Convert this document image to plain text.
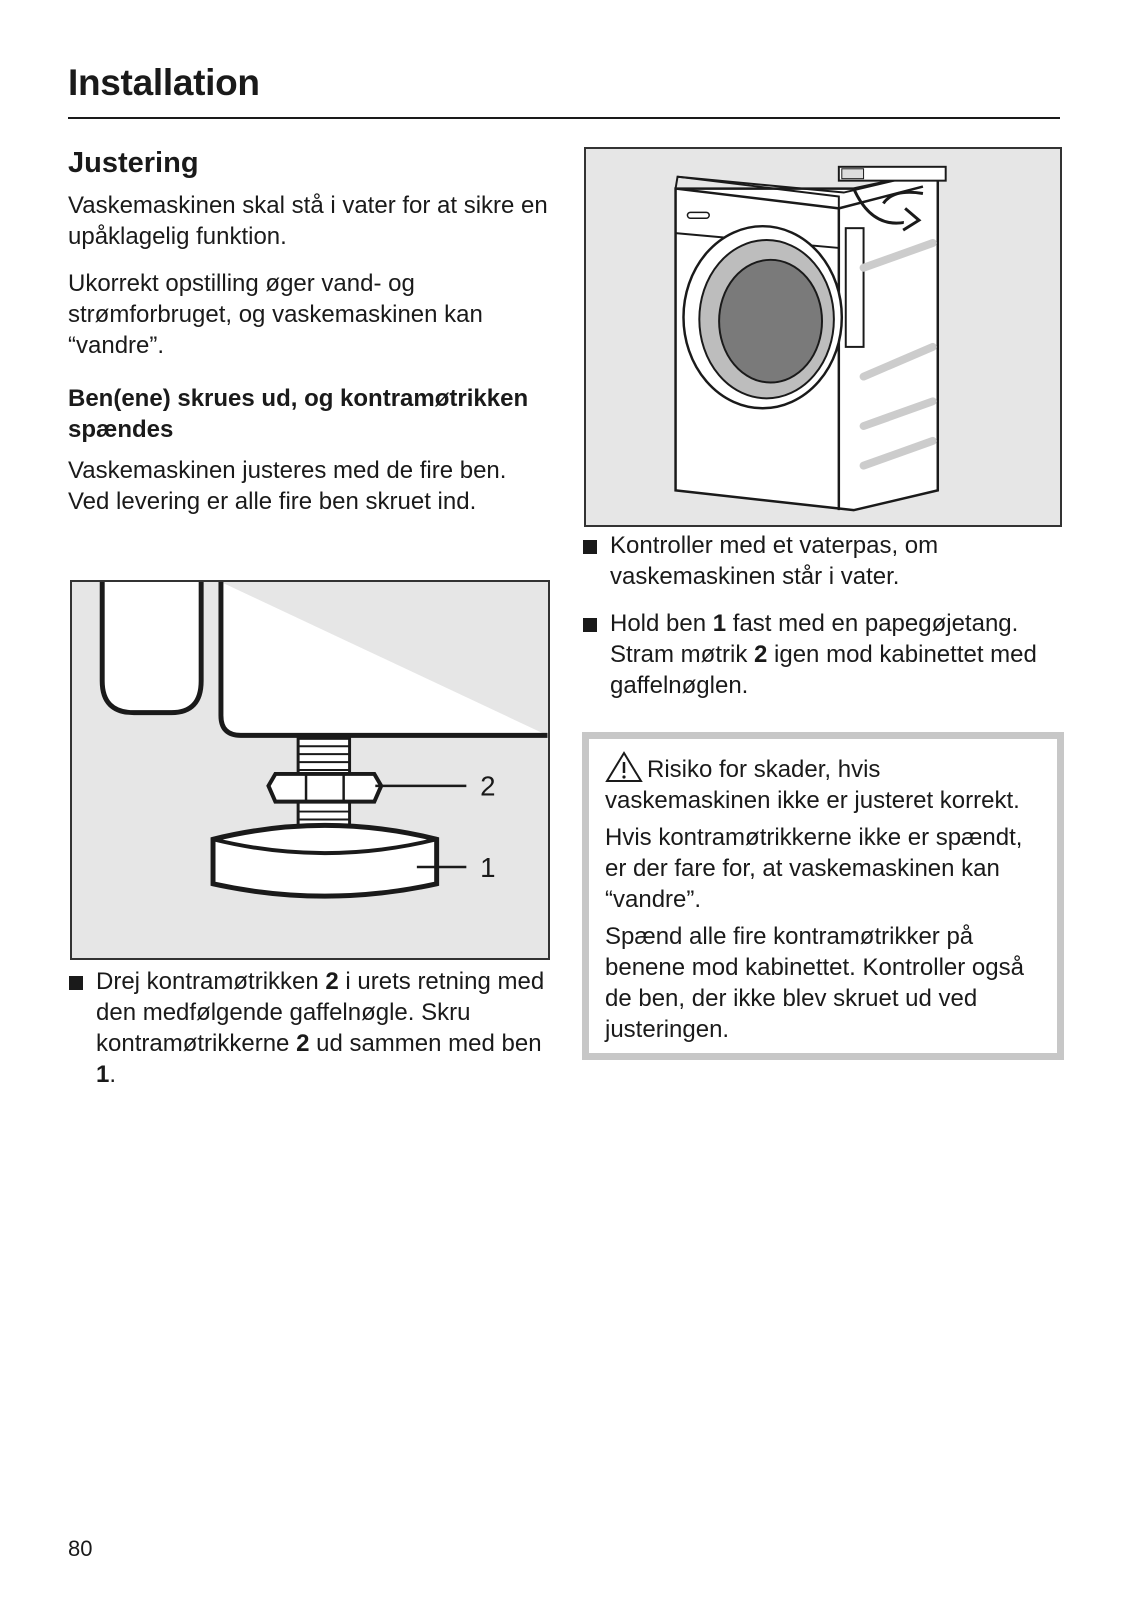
Installation
Justering

Vaskemaskinen skal stå i vater for at sikre en upåklagelig funktion.

Ukorrekt opstilling øger vand- og strømforbruget, og vaskemaskinen kan “vandre”.

Ben(ene) skrues ud, og kontramøtrikken spændes

Vaskemaskinen justeres med de fire ben. Ved levering er alle fire ben skruet ind.

2
1

Drej kontramøtrikken 2 i urets retning med den medfølgende gaffelnøgle. Skru kontramøtrikkerne 2 ud sammen med ben 1.

Kontroller med et vaterpas, om vaskemaskinen står i vater.

Hold ben 1 fast med en papegøjetang. Stram møtrik 2 igen mod kabinettet med gaffelnøglen.

Risiko for skader, hvis vaskemaskinen ikke er justeret korrekt.

Hvis kontramøtrikkerne ikke er spændt, er der fare for, at vaskemaskinen kan “vandre”.

Spænd alle fire kontramøtrikker på benene mod kabinettet. Kontroller også de ben, der ikke blev skruet ud ved justeringen.

80
